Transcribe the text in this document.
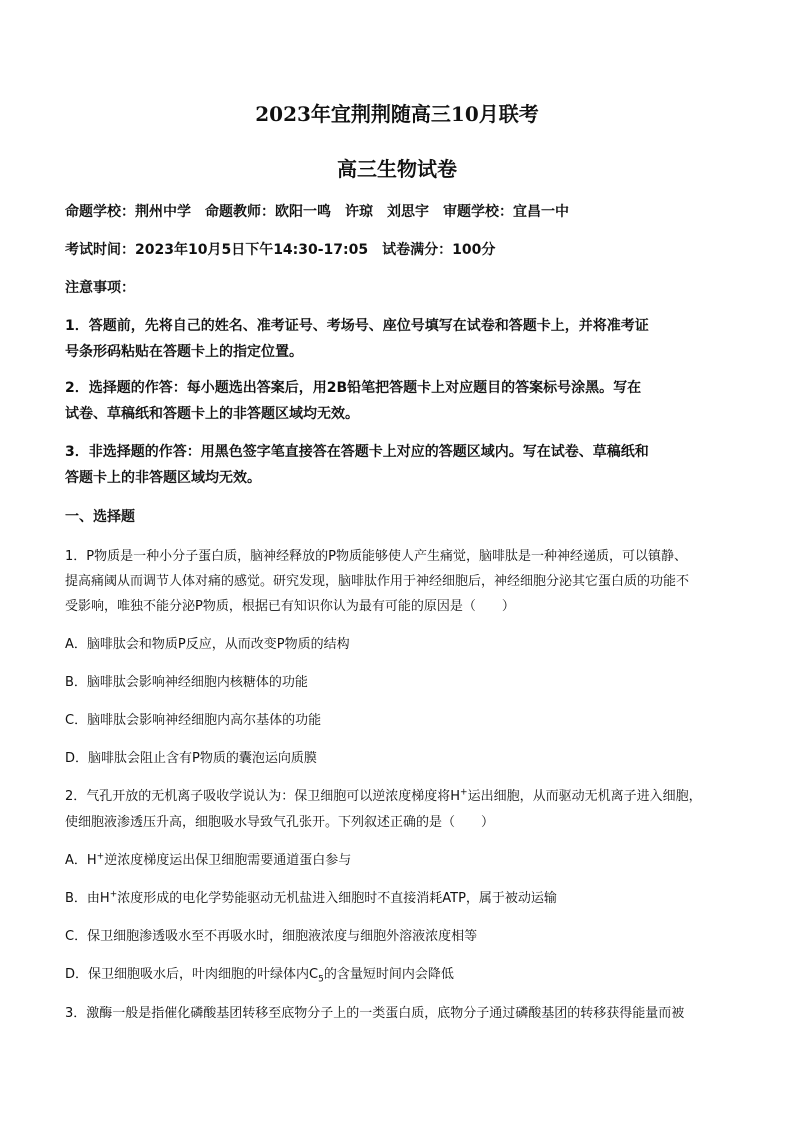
2023年宜荆荆随高三10月联考
高三生物试卷
命题学校：荆州中学　命题教师：欧阳一鸣　许琼　刘思宇　审题学校：宜昌一中
考试时间：2023年10月5日下午14:30-17:05　试卷满分：100分
注意事项：
1．答题前，先将自己的姓名、准考证号、考场号、座位号填写在试卷和答题卡上，并将准考证
号条形码粘贴在答题卡上的指定位置。
2．选择题的作答：每小题选出答案后，用2B铅笔把答题卡上对应题目的答案标号涂黑。写在
试卷、草稿纸和答题卡上的非答题区域均无效。
3．非选择题的作答：用黑色签字笔直接答在答题卡上对应的答题区域内。写在试卷、草稿纸和
答题卡上的非答题区域均无效。
一、选择题
1．P物质是一种小分子蛋白质，脑神经释放的P物质能够使人产生痛觉，脑啡肽是一种神经递质，可以镇静、
提高痛阈从而调节人体对痛的感觉。研究发现，脑啡肽作用于神经细胞后，神经细胞分泌其它蛋白质的功能不
受影响，唯独不能分泌P物质，根据已有知识你认为最有可能的原因是（　　）
A．脑啡肽会和物质P反应，从而改变P物质的结构
B．脑啡肽会影响神经细胞内核糖体的功能
C．脑啡肽会影响神经细胞内高尔基体的功能
D．脑啡肽会阻止含有P物质的囊泡运向质膜
2．气孔开放的无机离子吸收学说认为：保卫细胞可以逆浓度梯度将H+运出细胞，从而驱动无机离子进入细胞，
使细胞液渗透压升高，细胞吸水导致气孔张开。下列叙述正确的是（　　）
A．H+逆浓度梯度运出保卫细胞需要通道蛋白参与
B．由H+浓度形成的电化学势能驱动无机盐进入细胞时不直接消耗ATP，属于被动运输
C．保卫细胞渗透吸水至不再吸水时，细胞液浓度与细胞外溶液浓度相等
D．保卫细胞吸水后，叶肉细胞的叶绿体内$C_5$的含量短时间内会降低
3．激酶一般是指催化磷酸基团转移至底物分子上的一类蛋白质，底物分子通过磷酸基团的转移获得能量而被
